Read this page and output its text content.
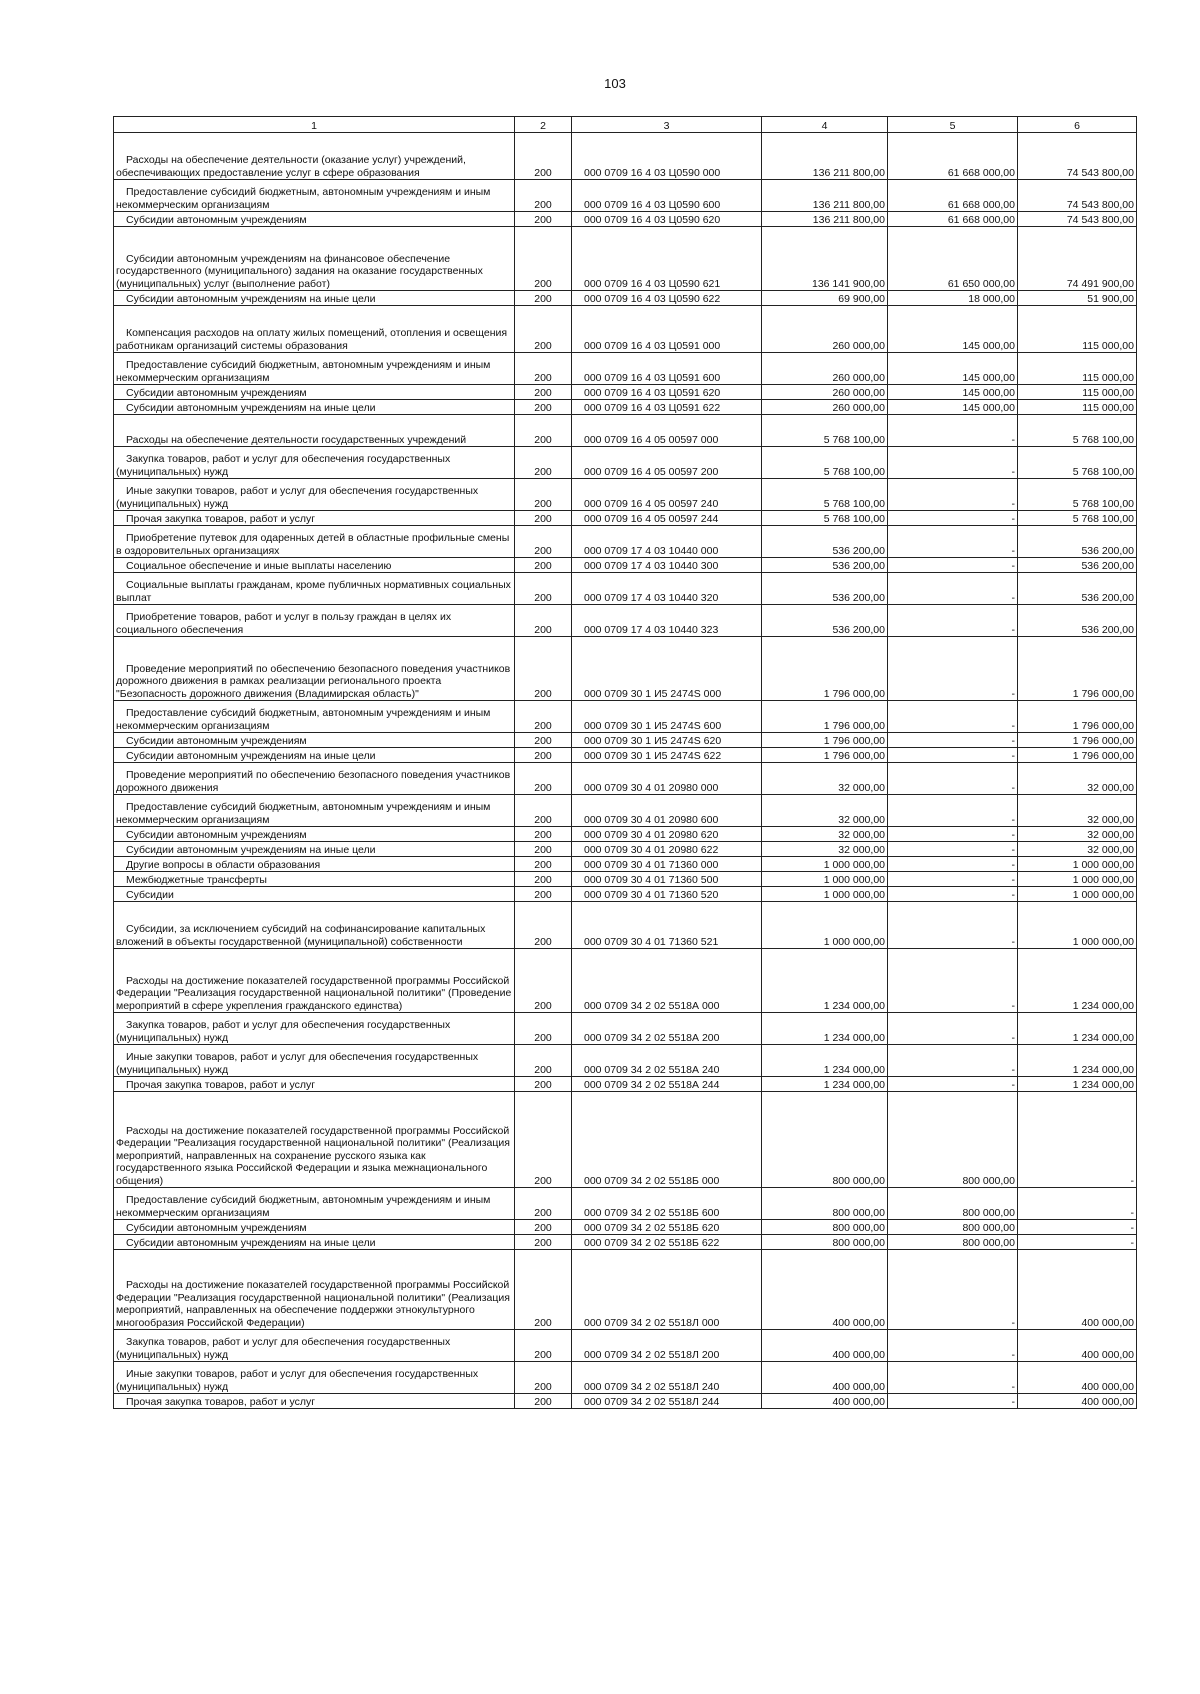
103
1	2	3	4	5	6

Расходы на обеспечение деятельности (оказание услуг) учреждений, обеспечивающих предоставление услуг в сфере образования	200	000 0709 16 4 03 Ц0590 000	136 211 800,00	61 668 000,00	74 543 800,00

Предоставление субсидий бюджетным, автономным учреждениям и иным некоммерческим организациям	200	000 0709 16 4 03 Ц0590 600	136 211 800,00	61 668 000,00	74 543 800,00

Субсидии автономным учреждениям	200	000 0709 16 4 03 Ц0590 620	136 211 800,00	61 668 000,00	74 543 800,00

Субсидии автономным учреждениям на финансовое обеспечение государственного (муниципального) задания на оказание государственных (муниципальных) услуг (выполнение работ)	200	000 0709 16 4 03 Ц0590 621	136 141 900,00	61 650 000,00	74 491 900,00

Субсидии автономным учреждениям на иные цели	200	000 0709 16 4 03 Ц0590 622	69 900,00	18 000,00	51 900,00

Компенсация расходов на оплату жилых помещений, отопления и освещения работникам организаций системы образования	200	000 0709 16 4 03 Ц0591 000	260 000,00	145 000,00	115 000,00

Предоставление субсидий бюджетным, автономным учреждениям и иным некоммерческим организациям	200	000 0709 16 4 03 Ц0591 600	260 000,00	145 000,00	115 000,00

Субсидии автономным учреждениям	200	000 0709 16 4 03 Ц0591 620	260 000,00	145 000,00	115 000,00

Субсидии автономным учреждениям на иные цели	200	000 0709 16 4 03 Ц0591 622	260 000,00	145 000,00	115 000,00

Расходы на обеспечение деятельности государственных учреждений	200	000 0709 16 4 05 00597 000	5 768 100,00	-	5 768 100,00

Закупка товаров, работ и услуг для обеспечения государственных (муниципальных) нужд	200	000 0709 16 4 05 00597 200	5 768 100,00	-	5 768 100,00

Иные закупки товаров, работ и услуг для обеспечения государственных (муниципальных) нужд	200	000 0709 16 4 05 00597 240	5 768 100,00	-	5 768 100,00

Прочая закупка товаров, работ и услуг	200	000 0709 16 4 05 00597 244	5 768 100,00	-	5 768 100,00

Приобретение путевок для одаренных детей в областные профильные смены в оздоровительных организациях	200	000 0709 17 4 03 10440 000	536 200,00	-	536 200,00

Социальное обеспечение и иные выплаты населению	200	000 0709 17 4 03 10440 300	536 200,00	-	536 200,00

Социальные выплаты гражданам, кроме публичных нормативных социальных выплат	200	000 0709 17 4 03 10440 320	536 200,00	-	536 200,00

Приобретение товаров, работ и услуг в пользу граждан в целях их социального обеспечения	200	000 0709 17 4 03 10440 323	536 200,00	-	536 200,00

Проведение мероприятий по обеспечению безопасного поведения участников дорожного движения в рамках реализации регионального проекта "Безопасность дорожного движения (Владимирская область)"	200	000 0709 30 1 И5 2474S 000	1 796 000,00	-	1 796 000,00

Предоставление субсидий бюджетным, автономным учреждениям и иным некоммерческим организациям	200	000 0709 30 1 И5 2474S 600	1 796 000,00	-	1 796 000,00

Субсидии автономным учреждениям	200	000 0709 30 1 И5 2474S 620	1 796 000,00	-	1 796 000,00

Субсидии автономным учреждениям на иные цели	200	000 0709 30 1 И5 2474S 622	1 796 000,00	-	1 796 000,00

Проведение мероприятий по обеспечению безопасного поведения участников дорожного движения	200	000 0709 30 4 01 20980 000	32 000,00	-	32 000,00

Предоставление субсидий бюджетным, автономным учреждениям и иным некоммерческим организациям	200	000 0709 30 4 01 20980 600	32 000,00	-	32 000,00

Субсидии автономным учреждениям	200	000 0709 30 4 01 20980 620	32 000,00	-	32 000,00

Субсидии автономным учреждениям на иные цели	200	000 0709 30 4 01 20980 622	32 000,00	-	32 000,00

Другие вопросы в области образования	200	000 0709 30 4 01 71360 000	1 000 000,00	-	1 000 000,00

Межбюджетные трансферты	200	000 0709 30 4 01 71360 500	1 000 000,00	-	1 000 000,00

Субсидии	200	000 0709 30 4 01 71360 520	1 000 000,00	-	1 000 000,00

Субсидии, за исключением субсидий на софинансирование капитальных вложений в объекты государственной (муниципальной) собственности	200	000 0709 30 4 01 71360 521	1 000 000,00	-	1 000 000,00

Расходы на достижение показателей государственной программы Российской Федерации "Реализация государственной национальной политики" (Проведение мероприятий в сфере укрепления гражданского единства)	200	000 0709 34 2 02 5518А 000	1 234 000,00	-	1 234 000,00

Закупка товаров, работ и услуг для обеспечения государственных (муниципальных) нужд	200	000 0709 34 2 02 5518А 200	1 234 000,00	-	1 234 000,00

Иные закупки товаров, работ и услуг для обеспечения государственных (муниципальных) нужд	200	000 0709 34 2 02 5518А 240	1 234 000,00	-	1 234 000,00

Прочая закупка товаров, работ и услуг	200	000 0709 34 2 02 5518А 244	1 234 000,00	-	1 234 000,00

Расходы на достижение показателей государственной программы Российской Федерации "Реализация государственной национальной политики" (Реализация мероприятий, направленных на сохранение русского языка как государственного языка Российской Федерации и языка межнационального общения)	200	000 0709 34 2 02 5518Б 000	800 000,00	800 000,00	-

Предоставление субсидий бюджетным, автономным учреждениям и иным некоммерческим организациям	200	000 0709 34 2 02 5518Б 600	800 000,00	800 000,00	-

Субсидии автономным учреждениям	200	000 0709 34 2 02 5518Б 620	800 000,00	800 000,00	-

Субсидии автономным учреждениям на иные цели	200	000 0709 34 2 02 5518Б 622	800 000,00	800 000,00	-

Расходы на достижение показателей государственной программы Российской Федерации "Реализация государственной национальной политики" (Реализация мероприятий, направленных на обеспечение поддержки этнокультурного многообразия Российской Федерации)	200	000 0709 34 2 02 5518Л 000	400 000,00	-	400 000,00

Закупка товаров, работ и услуг для обеспечения государственных (муниципальных) нужд	200	000 0709 34 2 02 5518Л 200	400 000,00	-	400 000,00

Иные закупки товаров, работ и услуг для обеспечения государственных (муниципальных) нужд	200	000 0709 34 2 02 5518Л 240	400 000,00	-	400 000,00

Прочая закупка товаров, работ и услуг	200	000 0709 34 2 02 5518Л 244	400 000,00	-	400 000,00
